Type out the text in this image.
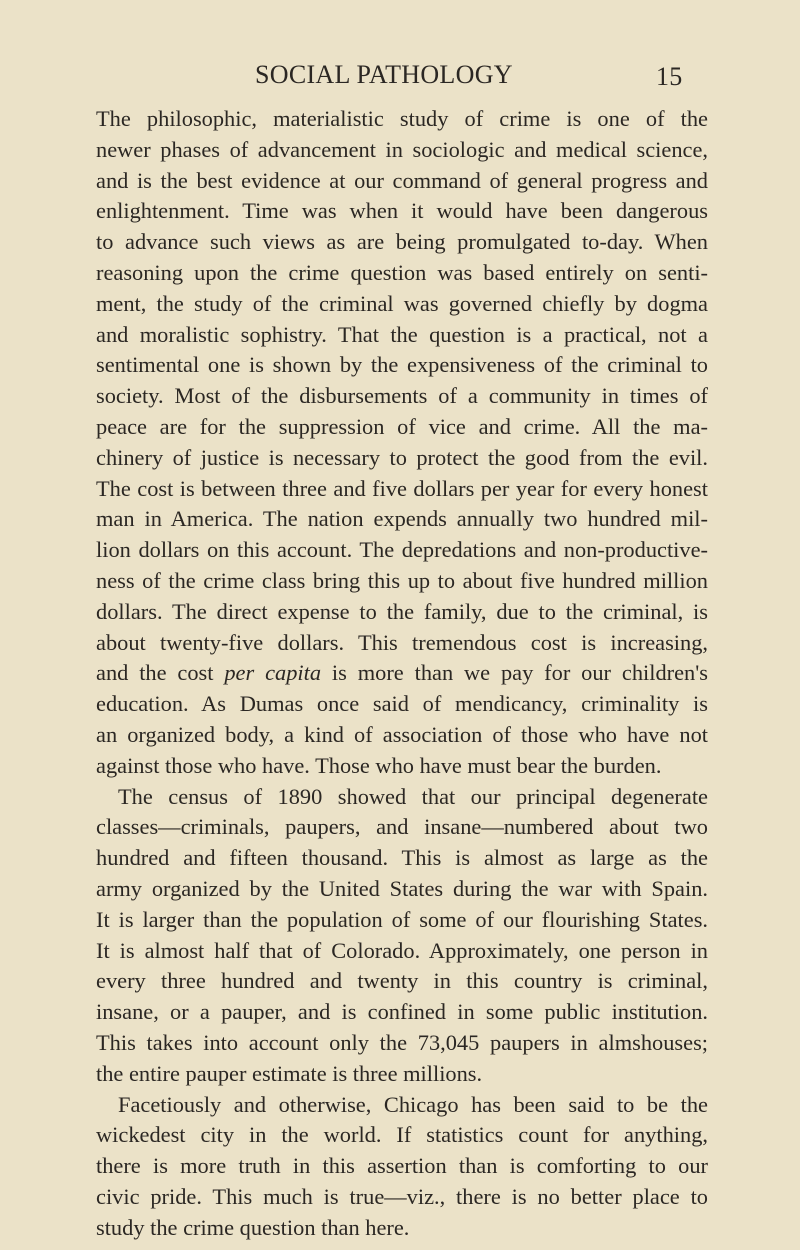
SOCIAL PATHOLOGY	15
The philosophic, materialistic study of crime is one of the
newer phases of advancement in sociologic and medical science,
and is the best evidence at our command of general progress and
enlightenment. Time was when it would have been dangerous
to advance such views as are being promulgated to-day. When
reasoning upon the crime question was based entirely on senti-
ment, the study of the criminal was governed chiefly by dogma
and moralistic sophistry. That the question is a practical, not a
sentimental one is shown by the expensiveness of the criminal to
society. Most of the disbursements of a community in times of
peace are for the suppression of vice and crime. All the ma-
chinery of justice is necessary to protect the good from the evil.
The cost is between three and five dollars per year for every honest
man in America. The nation expends annually two hundred mil-
lion dollars on this account. The depredations and non-productive-
ness of the crime class bring this up to about five hundred million
dollars. The direct expense to the family, due to the criminal, is
about twenty-five dollars. This tremendous cost is increasing,
and the cost per capita is more than we pay for our children's
education. As Dumas once said of mendicancy, criminality is
an organized body, a kind of association of those who have not
against those who have. Those who have must bear the burden.
The census of 1890 showed that our principal degenerate
classes—criminals, paupers, and insane—numbered about two
hundred and fifteen thousand. This is almost as large as the
army organized by the United States during the war with Spain.
It is larger than the population of some of our flourishing States.
It is almost half that of Colorado. Approximately, one person in
every three hundred and twenty in this country is criminal,
insane, or a pauper, and is confined in some public institution.
This takes into account only the 73,045 paupers in almshouses;
the entire pauper estimate is three millions.
Facetiously and otherwise, Chicago has been said to be the
wickedest city in the world. If statistics count for anything,
there is more truth in this assertion than is comforting to our
civic pride. This much is true—viz., there is no better place to
study the crime question than here.
